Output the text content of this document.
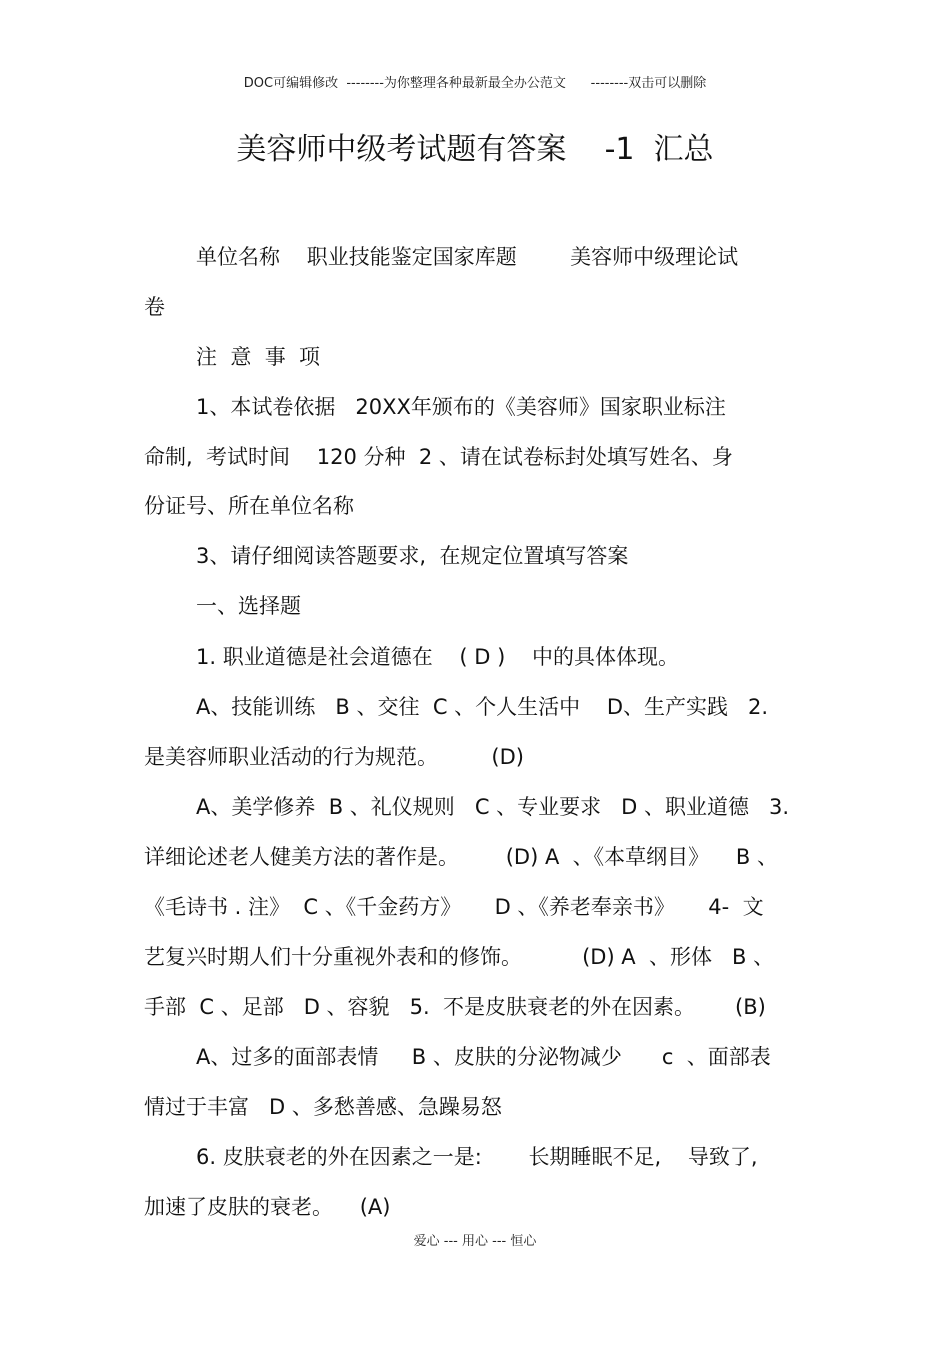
DOC可编辑修改  --------为你整理各种最新最全办公范文      --------双击可以删除
美容师中级考试题有答案    -1  汇总
单位名称    职业技能鉴定国家库题        美容师中级理论试
卷
注  意  事  项
1、本试卷依据   20XX年颁布的《美容师》国家职业标注
命制,  考试时间    120 分种  2 、请在试卷标封处填写姓名、身
份证号、所在单位名称
3、请仔细阅读答题要求,  在规定位置填写答案
一、选择题
1. 职业道德是社会道德在    ( D )    中的具体体现。
A、技能训练   B 、交往  C 、个人生活中    D、生产实践   2.
是美容师职业活动的行为规范。        (D)
A、美学修养  B 、礼仪规则   C 、专业要求   D 、职业道德   3.
详细论述老人健美方法的著作是。       (D) A  、《本草纲目》    B 、
《毛诗书 . 注》  C 、《千金药方》     D 、《养老奉亲书》     4-  文
艺复兴时期人们十分重视外表和的修饰。         (D) A  、形体   B 、
手部  C 、足部   D 、容貌   5.  不是皮肤衰老的外在因素。      (B)
A、过多的面部表情     B 、皮肤的分泌物减少      c  、面部表
情过于丰富   D 、多愁善感、急躁易怒
6. 皮肤衰老的外在因素之一是:       长期睡眠不足,    导致了,
加速了皮肤的衰老。    (A)
爱心 --- 用心 --- 恒心
